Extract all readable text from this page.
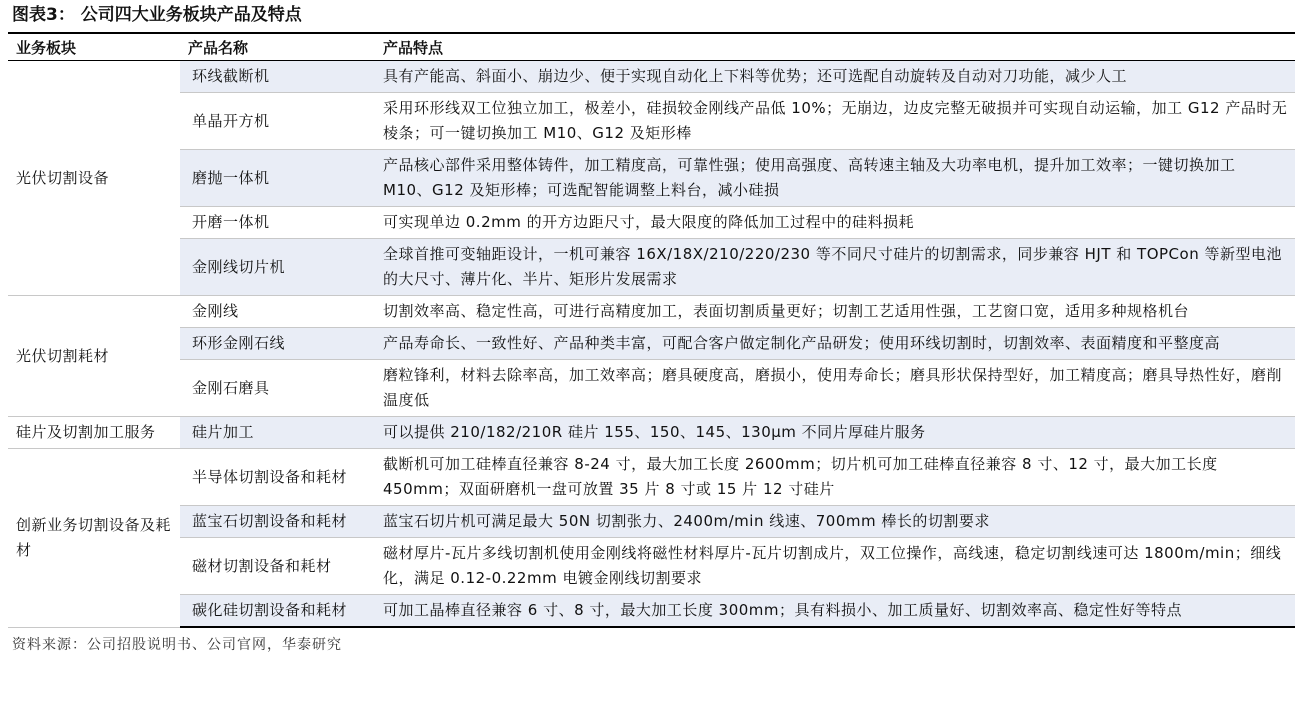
图表3： 公司四大业务板块产品及特点
业务板块	产品名称	产品特点
光伏切割设备	环线截断机	具有产能高、斜面小、崩边少、便于实现自动化上下料等优势；还可选配自动旋转及自动对刀功能，减少人工
	单晶开方机	采用环形线双工位独立加工，极差小，硅损较金刚线产品低 10%；无崩边，边皮完整无破损并可实现自动运输，加工 G12 产品时无棱条；可一键切换加工 M10、G12 及矩形棒
	磨抛一体机	产品核心部件采用整体铸件，加工精度高，可靠性强；使用高强度、高转速主轴及大功率电机，提升加工效率；一键切换加工 M10、G12 及矩形棒；可选配智能调整上料台，减小硅损
	开磨一体机	可实现单边 0.2mm 的开方边距尺寸，最大限度的降低加工过程中的硅料损耗
	金刚线切片机	全球首推可变轴距设计，一机可兼容 16X/18X/210/220/230 等不同尺寸硅片的切割需求，同步兼容 HJT 和 TOPCon 等新型电池的大尺寸、薄片化、半片、矩形片发展需求
光伏切割耗材	金刚线	切割效率高、稳定性高，可进行高精度加工，表面切割质量更好；切割工艺适用性强，工艺窗口宽，适用多种规格机台
	环形金刚石线	产品寿命长、一致性好、产品种类丰富，可配合客户做定制化产品研发；使用环线切割时，切割效率、表面精度和平整度高
	金刚石磨具	磨粒锋利，材料去除率高，加工效率高；磨具硬度高，磨损小，使用寿命长；磨具形状保持型好，加工精度高；磨具导热性好，磨削温度低
硅片及切割加工服务	硅片加工	可以提供 210/182/210R 硅片 155、150、145、130μm 不同片厚硅片服务
创新业务切割设备及耗材	半导体切割设备和耗材	截断机可加工硅棒直径兼容 8-24 寸，最大加工长度 2600mm；切片机可加工硅棒直径兼容 8 寸、12 寸，最大加工长度 450mm；双面研磨机一盘可放置 35 片 8 寸或 15 片 12 寸硅片
	蓝宝石切割设备和耗材	蓝宝石切片机可满足最大 50N 切割张力、2400m/min 线速、700mm 棒长的切割要求
	磁材切割设备和耗材	磁材厚片-瓦片多线切割机使用金刚线将磁性材料厚片-瓦片切割成片，双工位操作，高线速，稳定切割线速可达 1800m/min；细线化，满足 0.12-0.22mm 电镀金刚线切割要求
	碳化硅切割设备和耗材	可加工晶棒直径兼容 6 寸、8 寸，最大加工长度 300mm；具有料损小、加工质量好、切割效率高、稳定性好等特点
资料来源：公司招股说明书、公司官网，华泰研究
